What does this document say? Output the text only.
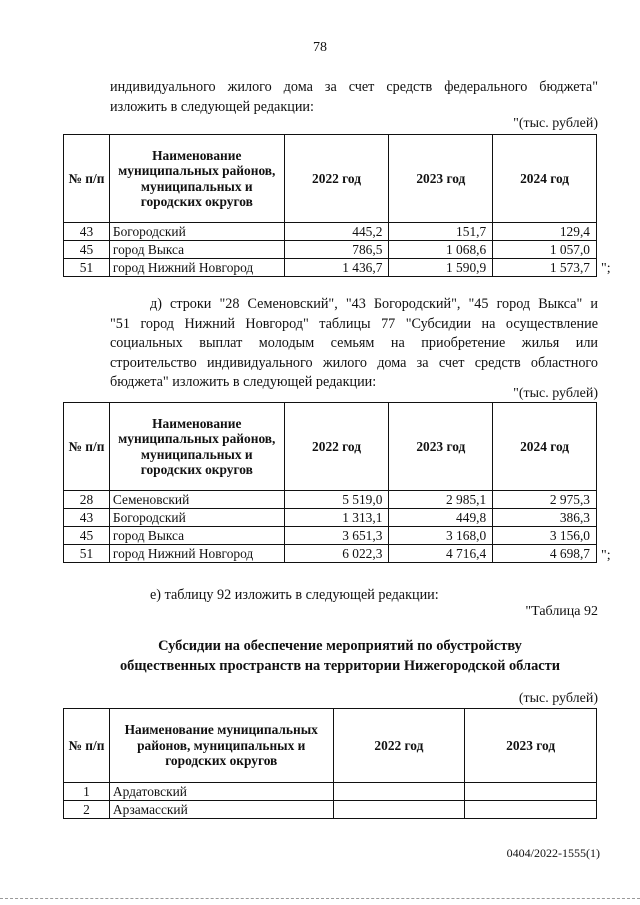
78
индивидуального жилого дома за счет средств федерального бюджета"
изложить в следующей редакции:
"(тыс. рублей)
№ п/п	Наименование муниципальных районов, муниципальных и городских округов	2022 год	2023 год	2024 год
43	Богородский	445,2	151,7	129,4
45	город Выкса	786,5	1 068,6	1 057,0
51	город Нижний Новгород	1 436,7	1 590,9	1 573,7 ";
д) строки "28 Семеновский", "43 Богородский", "45 город Выкса" и
"51 город Нижний Новгород" таблицы 77 "Субсидии на осуществление
социальных выплат молодым семьям на приобретение жилья или
строительство индивидуального жилого дома за счет средств областного
бюджета" изложить в следующей редакции:
"(тыс. рублей)
№ п/п	Наименование муниципальных районов, муниципальных и городских округов	2022 год	2023 год	2024 год
28	Семеновский	5 519,0	2 985,1	2 975,3
43	Богородский	1 313,1	449,8	386,3
45	город Выкса	3 651,3	3 168,0	3 156,0
51	город Нижний Новгород	6 022,3	4 716,4	4 698,7 ";
е) таблицу 92 изложить в следующей редакции:
"Таблица 92
Субсидии на обеспечение мероприятий по обустройству
общественных пространств на территории Нижегородской области
(тыс. рублей)
№ п/п	Наименование муниципальных районов, муниципальных и городских округов	2022 год	2023 год
1	Ардатовский		
2	Арзамасский		
0404/2022-1555(1)
